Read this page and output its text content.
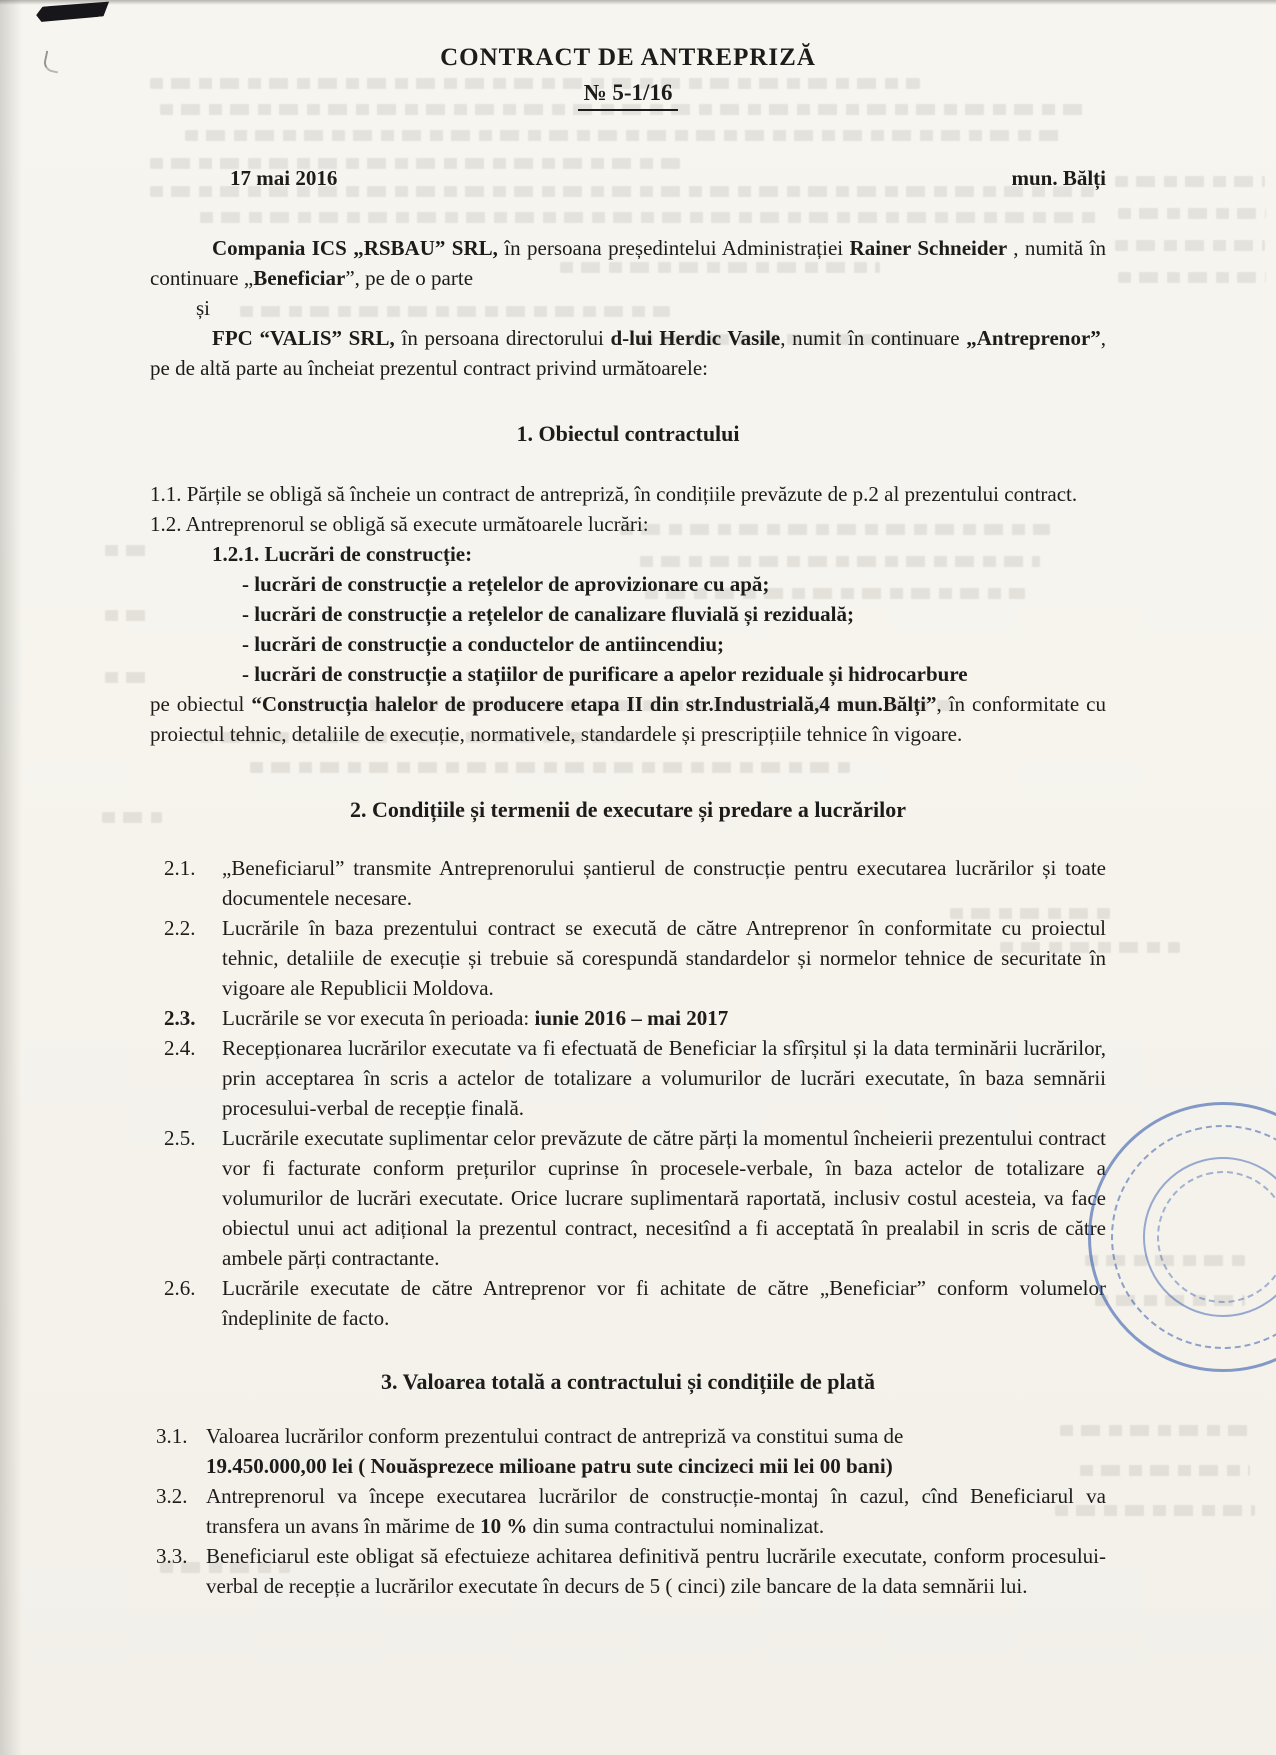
CONTRACT DE ANTREPRIZĂ
№ 5-1/16
17 mai 2016	mun. Bălți

Compania ICS „RSBAU” SRL, în persoana președintelui Administrației Rainer Schneider , numită în continuare „Beneficiar”, pe de o parte

și

FPC “VALIS” SRL, în persoana directorului d-lui Herdic Vasile, numit în continuare „Antreprenor”, pe de altă parte au încheiat prezentul contract privind următoarele:

1. Obiectul contractului

1.1. Părțile se obligă să încheie un contract de antrepriză, în condițiile prevăzute de p.2 al prezentului contract.

1.2. Antreprenorul se obligă să execute următoarele lucrări:

1.2.1. Lucrări de construcție:

- lucrări de construcție a rețelelor de aprovizionare cu apă;

- lucrări de construcție a rețelelor de canalizare fluvială și reziduală;

- lucrări de construcție a conductelor de antiincendiu;

- lucrări de construcție a stațiilor de purificare a apelor reziduale și hidrocarbure

pe obiectul “Construcția halelor de producere etapa II din str.Industrială,4 mun.Bălți”, în conformitate cu proiectul tehnic, detaliile de execuție, normativele, standardele și prescripțiile tehnice în vigoare.

2. Condițiile și termenii de executare și predare a lucrărilor
2.1.	„Beneficiarul” transmite Antreprenorului șantierul de construcție pentru executarea lucrărilor și toate documentele necesare.
2.2.	Lucrările în baza prezentului contract se execută de către Antreprenor în conformitate cu proiectul tehnic, detaliile de execuție și trebuie să corespundă standardelor și normelor tehnice de securitate în vigoare ale Republicii Moldova.
2.3.	Lucrările se vor executa în perioada: iunie 2016 – mai 2017
2.4.	Recepționarea lucrărilor executate va fi efectuată de Beneficiar la sfîrșitul și la data terminării lucrărilor, prin acceptarea în scris a actelor de totalizare a volumurilor de lucrări executate, în baza semnării procesului-verbal de recepție finală.
2.5.	Lucrările executate suplimentar celor prevăzute de către părți la momentul încheierii prezentului contract vor fi facturate conform prețurilor cuprinse în procesele-verbale, în baza actelor de totalizare a volumurilor de lucrări executate. Orice lucrare suplimentară raportată, inclusiv costul acesteia, va face obiectul unui act adițional la prezentul contract, necesitînd a fi acceptată în prealabil in scris de către ambele părți contractante.
2.6.	Lucrările executate de către Antreprenor vor fi achitate de către „Beneficiar” conform volumelor îndeplinite de facto.
3. Valoarea totală a contractului și condițiile de plată
3.1. Valoarea lucrărilor conform prezentului contract de antrepriză va constitui suma de
19.450.000,00 lei ( Nouăsprezece milioane patru sute cincizeci mii lei 00 bani)
3.2. Antreprenorul va începe executarea lucrărilor de construcție-montaj în cazul, cînd Beneficiarul va transfera un avans în mărime de 10 % din suma contractului nominalizat.
3.3. Beneficiarul este obligat să efectuieze achitarea definitivă pentru lucrările executate, conform procesului-verbal de recepție a lucrărilor executate în decurs de 5 ( cinci) zile bancare de la data semnării lui.
